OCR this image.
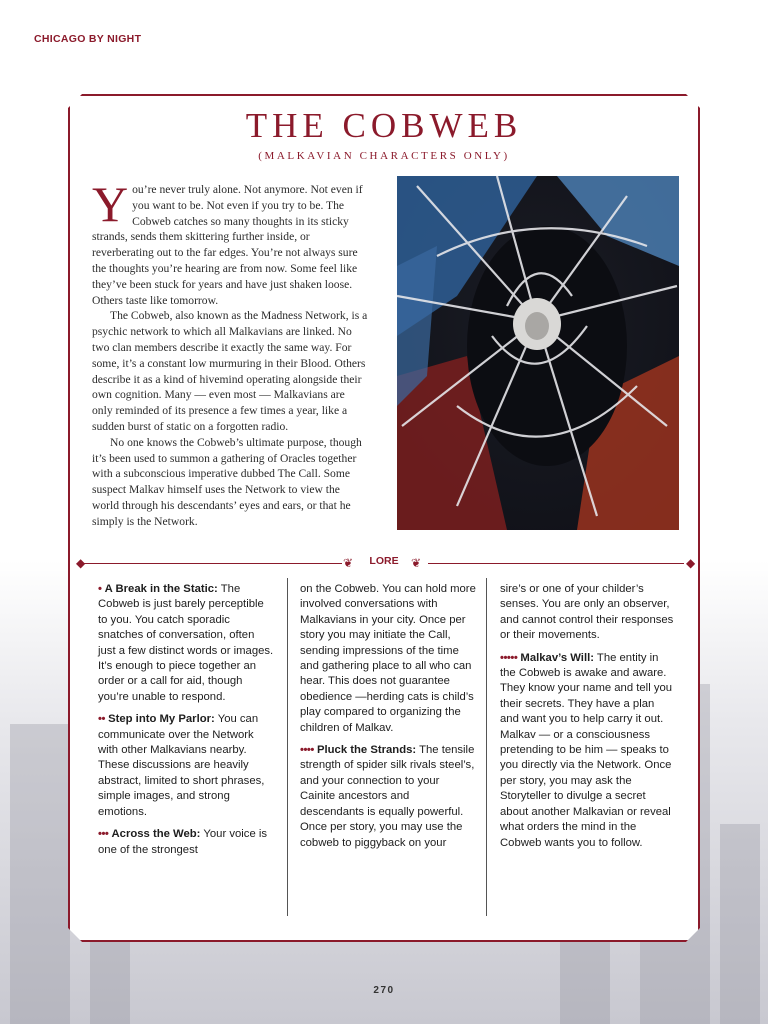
CHICAGO BY NIGHT
THE COBWEB
(MALKAVIAN CHARACTERS ONLY)

You’re never truly alone. Not anymore. Not even if you want to be. Not even if you try to be. The Cobweb catches so many thoughts in its sticky strands, sends them skittering further inside, or reverberating out to the far edges. You’re not always sure the thoughts you’re hearing are from now. Some feel like they’ve been stuck for years and have just shaken loose. Others taste like tomorrow.

The Cobweb, also known as the Madness Network, is a psychic network to which all Malkavians are linked. No two clan members describe it exactly the same way. For some, it’s a constant low murmuring in their Blood. Others describe it as a kind of hivemind operating alongside their own cognition. Many — even most — Malkavians are only reminded of its presence a few times a year, like a sudden burst of static on a forgotten radio.

No one knows the Cobweb’s ultimate purpose, though it’s been used to summon a gathering of Oracles together with a subconscious imperative dubbed The Call. Some suspect Malkav himself uses the Network to view the world through his descendants’ eyes and ears, or that he simply is the Network.

◆	◆
❦	❦
LORE

• A Break in the Static: The Cobweb is just barely perceptible to you. You catch sporadic snatches of conversation, often just a few distinct words or images. It’s enough to piece together an order or a call for aid, though you’re unable to respond.

•• Step into My Parlor: You can communicate over the Network with other Malkavians nearby. These discussions are heavily abstract, limited to short phrases, simple images, and strong emotions.

••• Across the Web: Your voice is one of the strongest

on the Cobweb. You can hold more involved conversations with Malkavians in your city. Once per story you may initiate the Call, sending impressions of the time and gathering place to all who can hear. This does not guarantee obedience —herding cats is child’s play compared to organizing the children of Malkav.

•••• Pluck the Strands: The tensile strength of spider silk rivals steel’s, and your connection to your Cainite ancestors and descendants is equally powerful. Once per story, you may use the cobweb to piggyback on your

sire’s or one of your childer’s senses. You are only an observer, and cannot control their responses or their movements.

••••• Malkav’s Will: The entity in the Cobweb is awake and aware. They know your name and tell you their secrets. They have a plan and want you to help carry it out. Malkav — or a consciousness pretending to be him — speaks to you directly via the Network. Once per story, you may ask the Storyteller to divulge a secret about another Malkavian or reveal what orders the mind in the Cobweb wants you to follow.

270
